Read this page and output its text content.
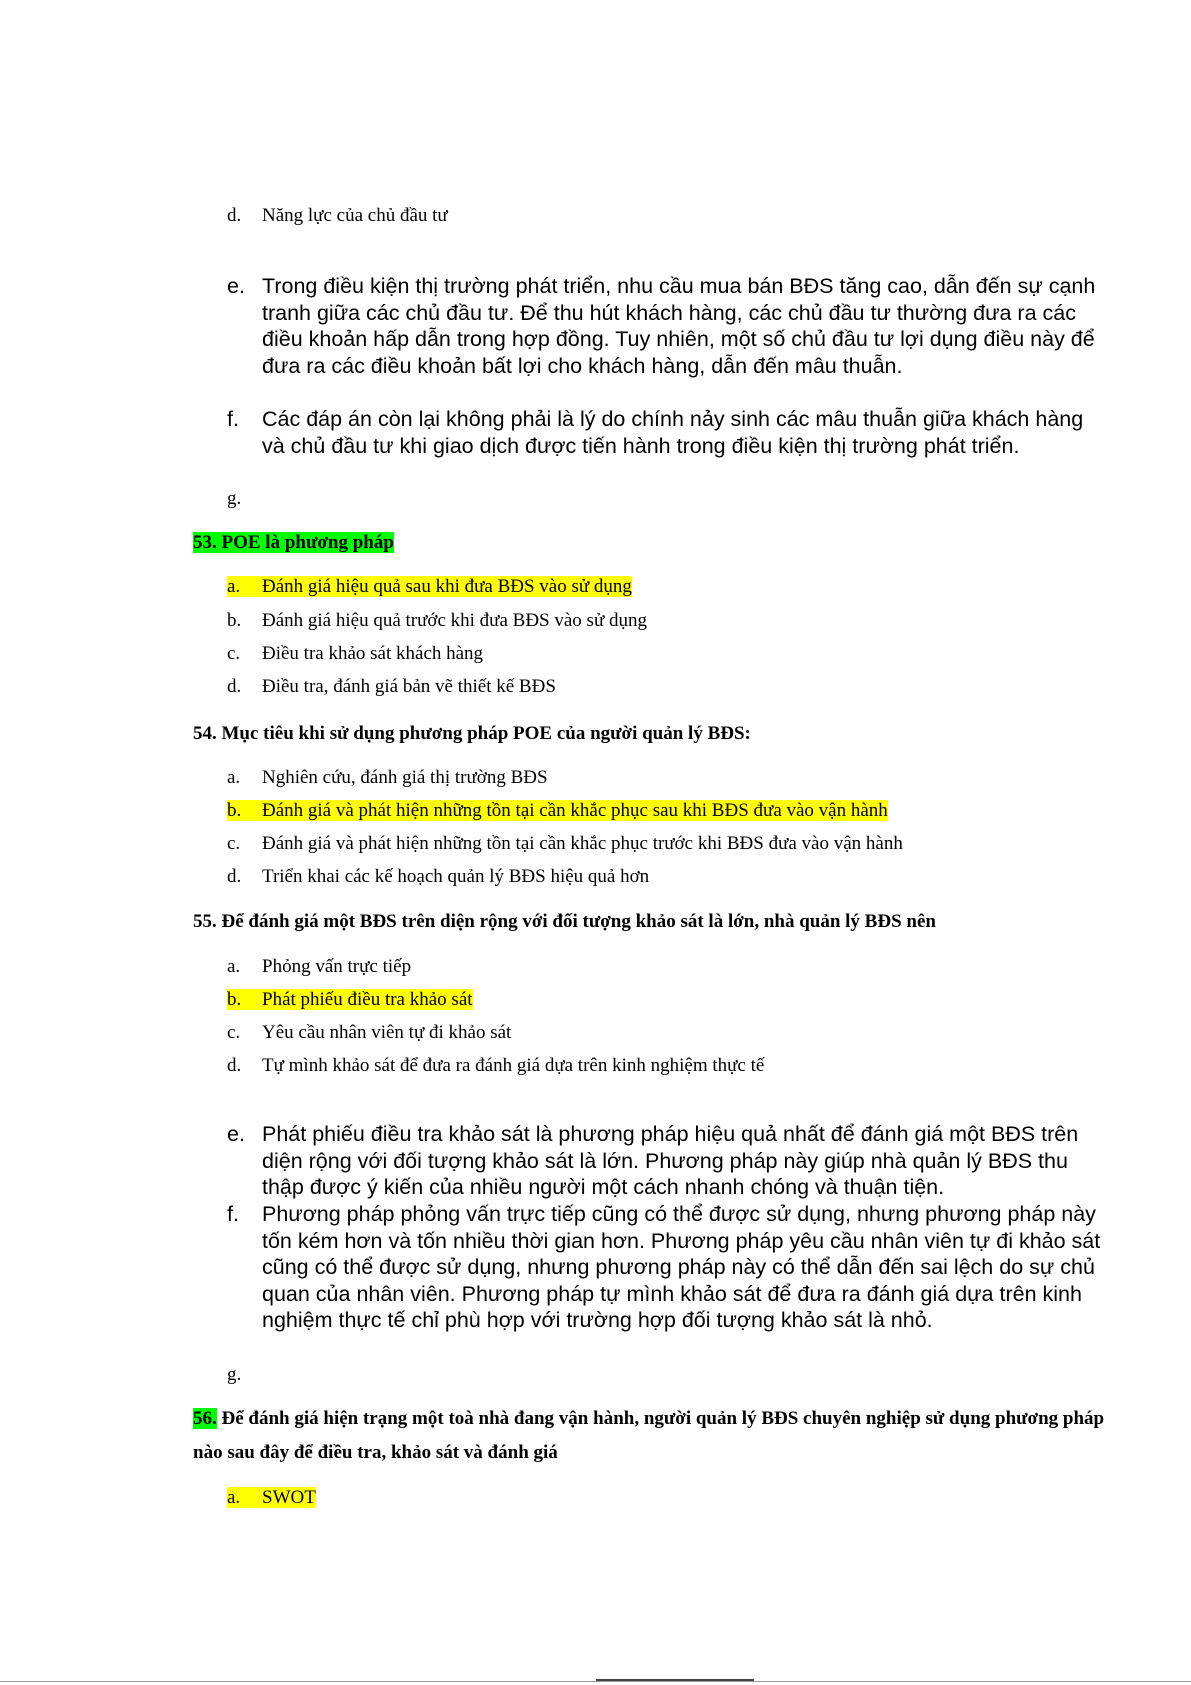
d. Năng lực của chủ đầu tư
e. Trong điều kiện thị trường phát triển, nhu cầu mua bán BĐS tăng cao, dẫn đến sự cạnh tranh giữa các chủ đầu tư. Để thu hút khách hàng, các chủ đầu tư thường đưa ra các điều khoản hấp dẫn trong hợp đồng. Tuy nhiên, một số chủ đầu tư lợi dụng điều này để đưa ra các điều khoản bất lợi cho khách hàng, dẫn đến mâu thuẫn.
f.	Các đáp án còn lại không phải là lý do chính nảy sinh các mâu thuẫn giữa khách hàng và chủ đầu tư khi giao dịch được tiến hành trong điều kiện thị trường phát triển.
g.
53. POE là phương pháp
a. Đánh giá hiệu quả sau khi đưa BĐS vào sử dụng
b. Đánh giá hiệu quả trước khi đưa BĐS vào sử dụng
c. Điều tra khảo sát khách hàng
d. Điều tra, đánh giá bản vẽ thiết kế BĐS
54. Mục tiêu khi sử dụng phương pháp POE của người quản lý BĐS:
a. Nghiên cứu, đánh giá thị trường BĐS
b. Đánh giá và phát hiện những tồn tại cần khắc phục sau khi BĐS đưa vào vận hành
c. Đánh giá và phát hiện những tồn tại cần khắc phục trước khi BĐS đưa vào vận hành
d. Triển khai các kế hoạch quản lý BĐS hiệu quả hơn
55. Để đánh giá một BĐS trên diện rộng với đối tượng khảo sát là lớn, nhà quản lý BĐS nên
a. Phỏng vấn trực tiếp
b. Phát phiếu điều tra khảo sát
c. Yêu cầu nhân viên tự đi khảo sát
d. Tự mình khảo sát để đưa ra đánh giá dựa trên kinh nghiệm thực tế
e. Phát phiếu điều tra khảo sát là phương pháp hiệu quả nhất để đánh giá một BĐS trên diện rộng với đối tượng khảo sát là lớn. Phương pháp này giúp nhà quản lý BĐS thu thập được ý kiến của nhiều người một cách nhanh chóng và thuận tiện.
f.	Phương pháp phỏng vấn trực tiếp cũng có thể được sử dụng, nhưng phương pháp này tốn kém hơn và tốn nhiều thời gian hơn. Phương pháp yêu cầu nhân viên tự đi khảo sát cũng có thể được sử dụng, nhưng phương pháp này có thể dẫn đến sai lệch do sự chủ quan của nhân viên. Phương pháp tự mình khảo sát để đưa ra đánh giá dựa trên kinh nghiệm thực tế chỉ phù hợp với trường hợp đối tượng khảo sát là nhỏ.
g.
56. Để đánh giá hiện trạng một toà nhà đang vận hành, người quản lý BĐS chuyên nghiệp sử dụng phương pháp nào sau đây để điều tra, khảo sát và đánh giá
a. SWOT
